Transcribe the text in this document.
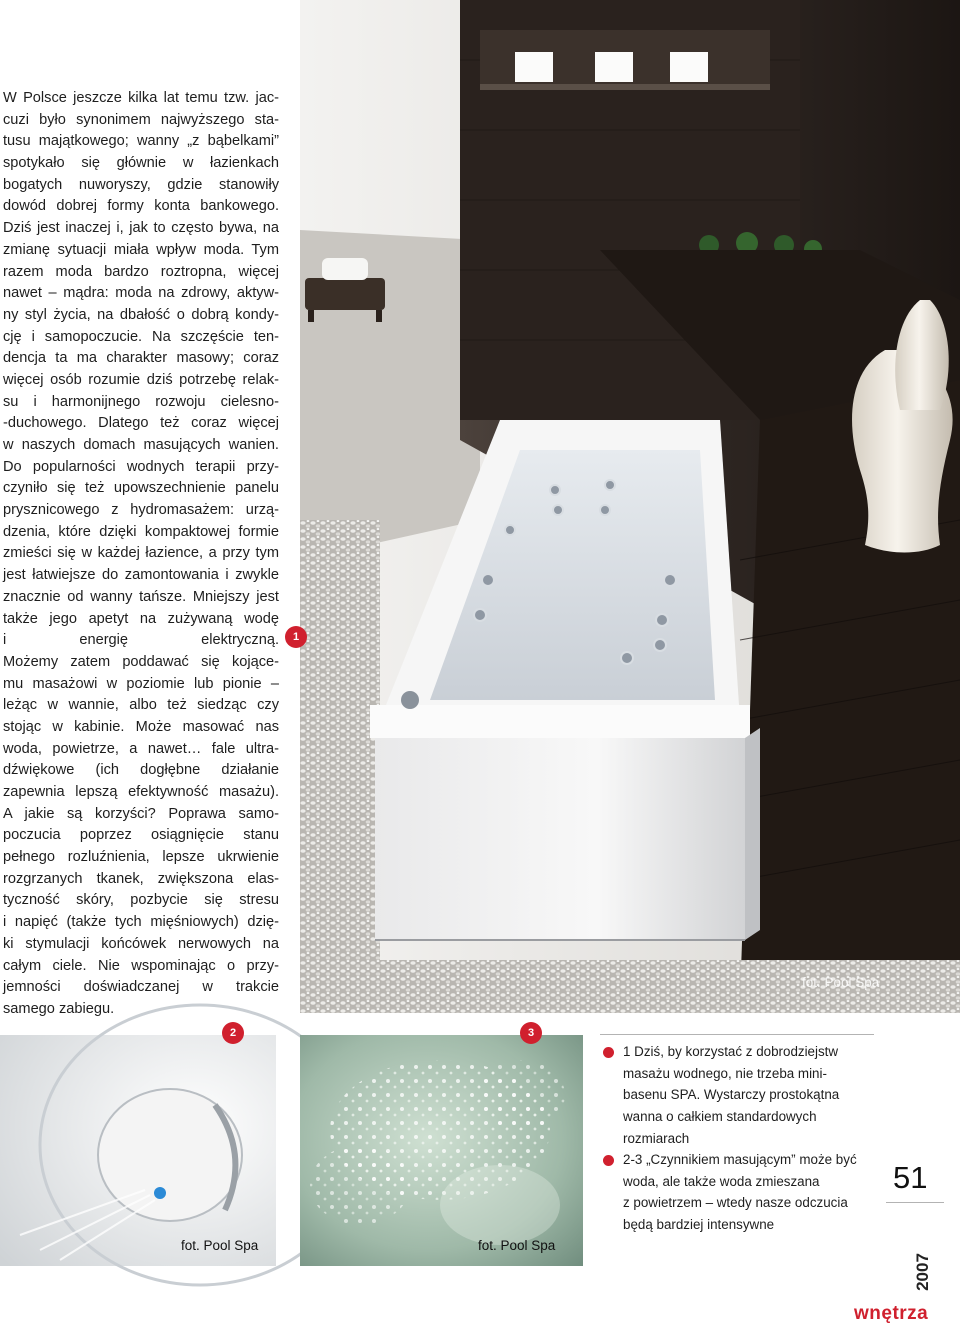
W Polsce jeszcze kilka lat temu tzw. jac-
cuzi było synonimem najwyższego sta-
tusu majątkowego; wanny „z bąbelkami”
spotykało się głównie w łazienkach
bogatych nuworyszy, gdzie stanowiły
dowód dobrej formy konta bankowego.
Dziś jest inaczej i, jak to często bywa, na
zmianę sytuacji miała wpływ moda. Tym
razem moda bardzo roztropna, więcej
nawet – mądra: moda na zdrowy, aktyw-
ny styl życia, na dbałość o dobrą kondy-
cję i samopoczucie. Na szczęście ten-
dencja ta ma charakter masowy; coraz
więcej osób rozumie dziś potrzebę relak-
su i harmonijnego rozwoju cielesno-
-duchowego. Dlatego też coraz więcej
w naszych domach masujących wanien.
Do popularności wodnych terapii przy-
czyniło się też upowszechnienie panelu
prysznicowego z hydromasażem: urzą-
dzenia, które dzięki kompaktowej formie
zmieści się w każdej łazience, a przy tym
jest łatwiejsze do zamontowania i zwykle
znacznie od wanny tańsze. Mniejszy jest
także jego apetyt na zużywaną wodę
i energię elektryczną.
Możemy zatem poddawać się kojące-
mu masażowi w poziomie lub pionie –
leżąc w wannie, albo też siedząc czy
stojąc w kabinie. Może masować nas
woda, powietrze, a nawet… fale ultra-
dźwiękowe (ich dogłębne działanie
zapewnia lepszą efektywność masażu).
A jakie są korzyści? Poprawa samo-
poczucia poprzez osiągnięcie stanu
pełnego rozluźnienia, lepsze ukrwienie
rozgrzanych tkanek, zwiększona elas-
tyczność skóry, pozbycie się stresu
i napięć (także tych mięśniowych) dzię-
ki stymulacji końcówek nerwowych na
całym ciele. Nie wspominając o przy-
jemności doświadczanej w trakcie
samego zabiegu.
1
fot. Pool Spa
2
fot. Pool Spa
3
fot. Pool Spa
1 Dziś, by korzystać z dobrodziejstw
masażu wodnego, nie trzeba mini-
basenu SPA. Wystarczy prostokątna
wanna o całkiem standardowych
rozmiarach
2-3 „Czynnikiem masującym” może być
woda, ale także woda zmieszana
z powietrzem – wtedy nasze odczucia
będą bardziej intensywne
51
2007
wnętrza
